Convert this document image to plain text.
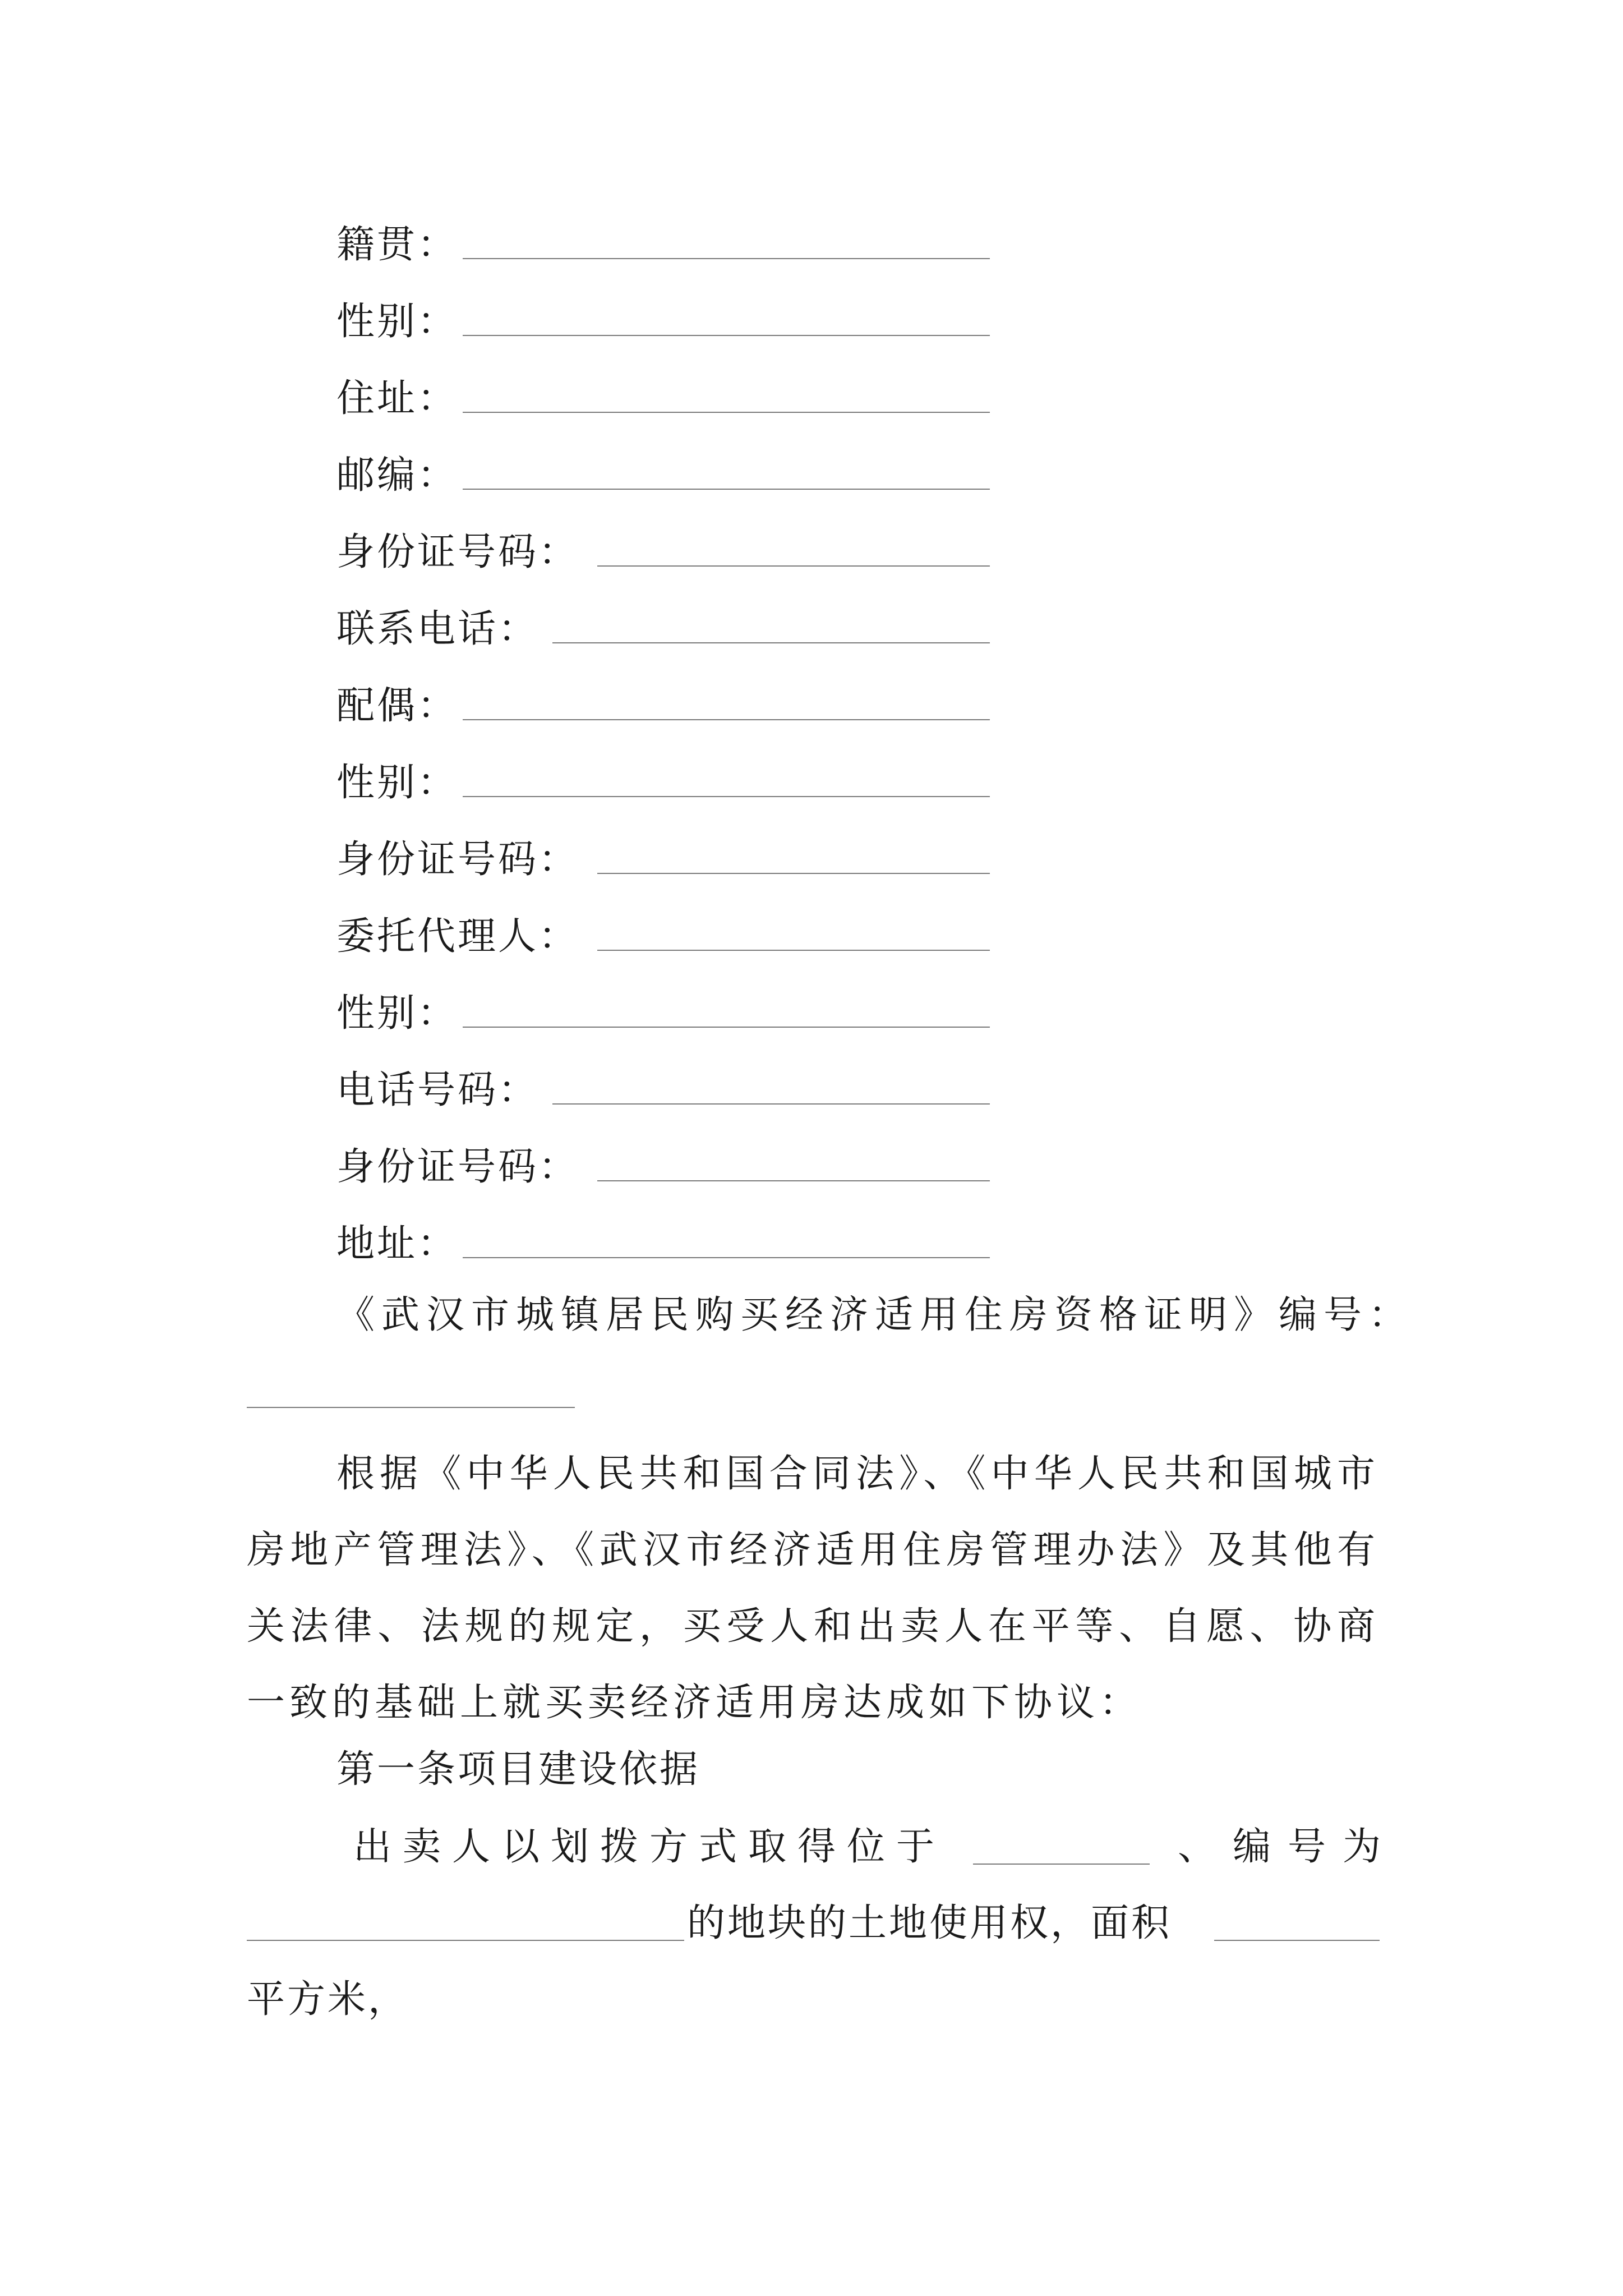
籍贯：
性别：
住址：
邮编：
身份证号码：
联系电话：
配偶：
性别：
身份证号码：
委托代理人：
性别：
电话号码：
身份证号码：
地址：
《武汉市城镇居民购买经济适用住房资格证明》编号：
根据《中华人民共和国合同法》、《中华人民共和国城市房地产管理法》、《武汉市经济适用住房管理办法》及其他有关法律、法规的规定，买受人和出卖人在平等、自愿、协商一致的基础上就买卖经济适用房达成如下协议：
第一条项目建设依据
出卖人以划拨方式取得位于	、编号为
的地块的土地使用权，面积
平方米，
